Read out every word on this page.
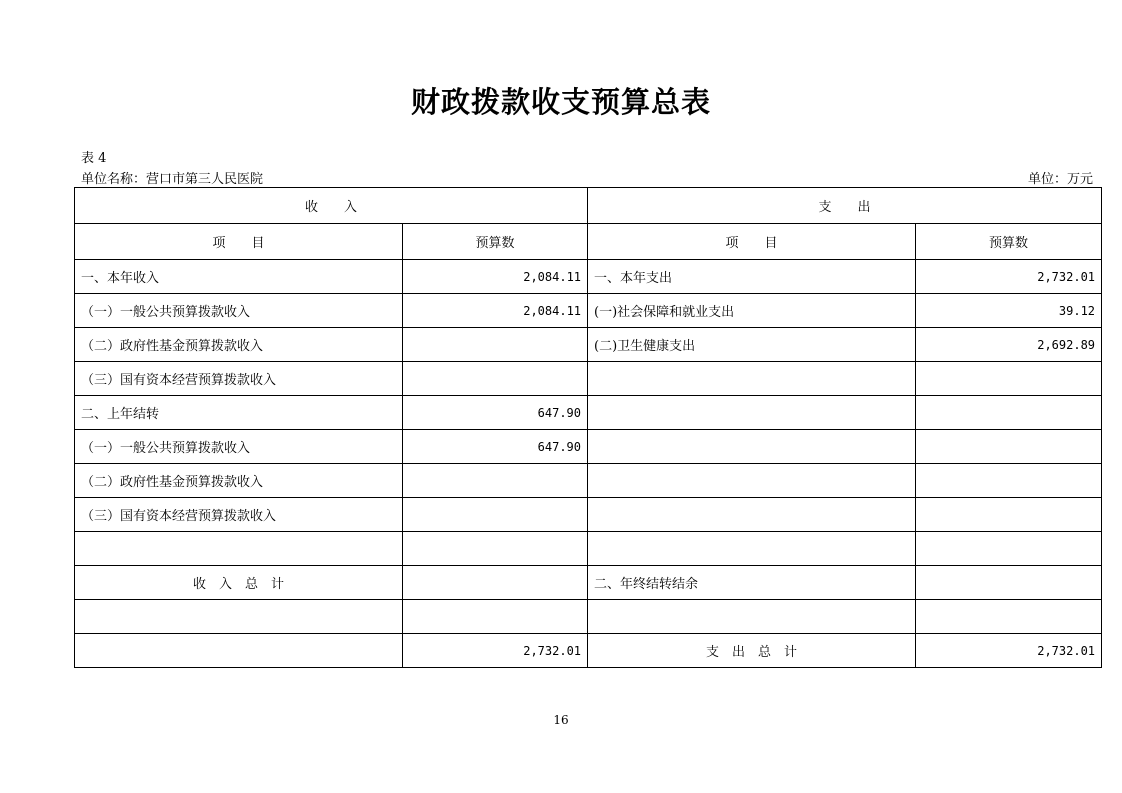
财政拨款收支预算总表
表 4
单位名称：营口市第三人民医院	单位：万元
收　　入		支　　出	
项　　目	预算数	项　　目	预算数
一、本年收入	2,084.11	一、本年支出	2,732.01
（一）一般公共预算拨款收入	2,084.11	(一)社会保障和就业支出	39.12
（二）政府性基金预算拨款收入		(二)卫生健康支出	2,692.89
（三）国有资本经营预算拨款收入			
二、上年结转	647.90		
（一）一般公共预算拨款收入	647.90		
（二）政府性基金预算拨款收入			
（三）国有资本经营预算拨款收入			

收　入　总　计		二、年终结转结余	

	2,732.01	支　出　总　计	2,732.01
16
